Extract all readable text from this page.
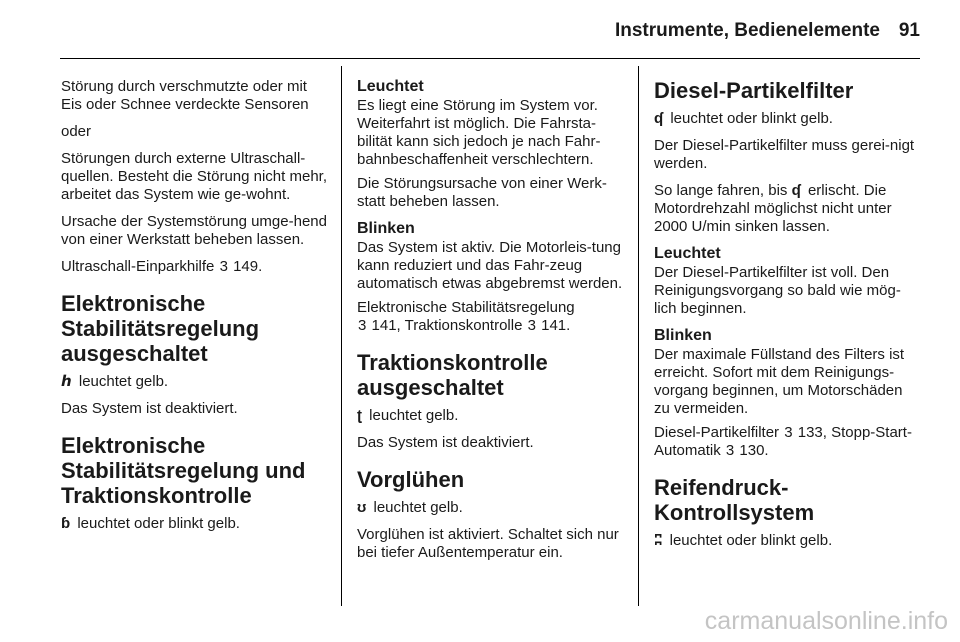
Instrumente, Bedienelemente 91

Störung durch verschmutzte oder mit Eis oder Schnee verdeckte Sensoren

oder

Störungen durch externe Ultraschall-quellen. Besteht die Störung nicht mehr, arbeitet das System wie ge-wohnt.

Ursache der Systemstörung umge-hend von einer Werkstatt beheben lassen.

Ultraschall-Einparkhilfe 3 149.

Elektronische Stabilitätsregelung ausgeschaltet

ℎ leuchtet gelb.

Das System ist deaktiviert.

Elektronische Stabilitätsregelung und Traktionskontrolle

ɓ leuchtet oder blinkt gelb.

Leuchtet

Es liegt eine Störung im System vor. Weiterfahrt ist möglich. Die Fahrsta-bilität kann sich jedoch je nach Fahr-bahnbeschaffenheit verschlechtern.

Die Störungsursache von einer Werk-statt beheben lassen.

Blinken

Das System ist aktiv. Die Motorleis-tung kann reduziert und das Fahr-zeug automatisch etwas abgebremst werden.

Elektronische Stabilitätsregelung
3 141, Traktionskontrolle 3 141.

Traktionskontrolle ausgeschaltet

ʈ leuchtet gelb.

Das System ist deaktiviert.

Vorglühen

ʊ leuchtet gelb.

Vorglühen ist aktiviert. Schaltet sich nur bei tiefer Außentemperatur ein.

Diesel-Partikelfilter

ʠ leuchtet oder blinkt gelb.

Der Diesel-Partikelfilter muss gerei-nigt werden.

So lange fahren, bis ʠ erlischt. Die Motordrehzahl möglichst nicht unter 2000 U/min sinken lassen.

Leuchtet

Der Diesel-Partikelfilter ist voll. Den Reinigungsvorgang so bald wie mög-lich beginnen.

Blinken

Der maximale Füllstand des Filters ist erreicht. Sofort mit dem Reinigungs-vorgang beginnen, um Motorschäden zu vermeiden.

Diesel-Partikelfilter 3 133, Stopp-Start-Automatik 3 130.

Reifendruck-Kontrollsystem

ʭ leuchtet oder blinkt gelb.

carmanualsonline.info
